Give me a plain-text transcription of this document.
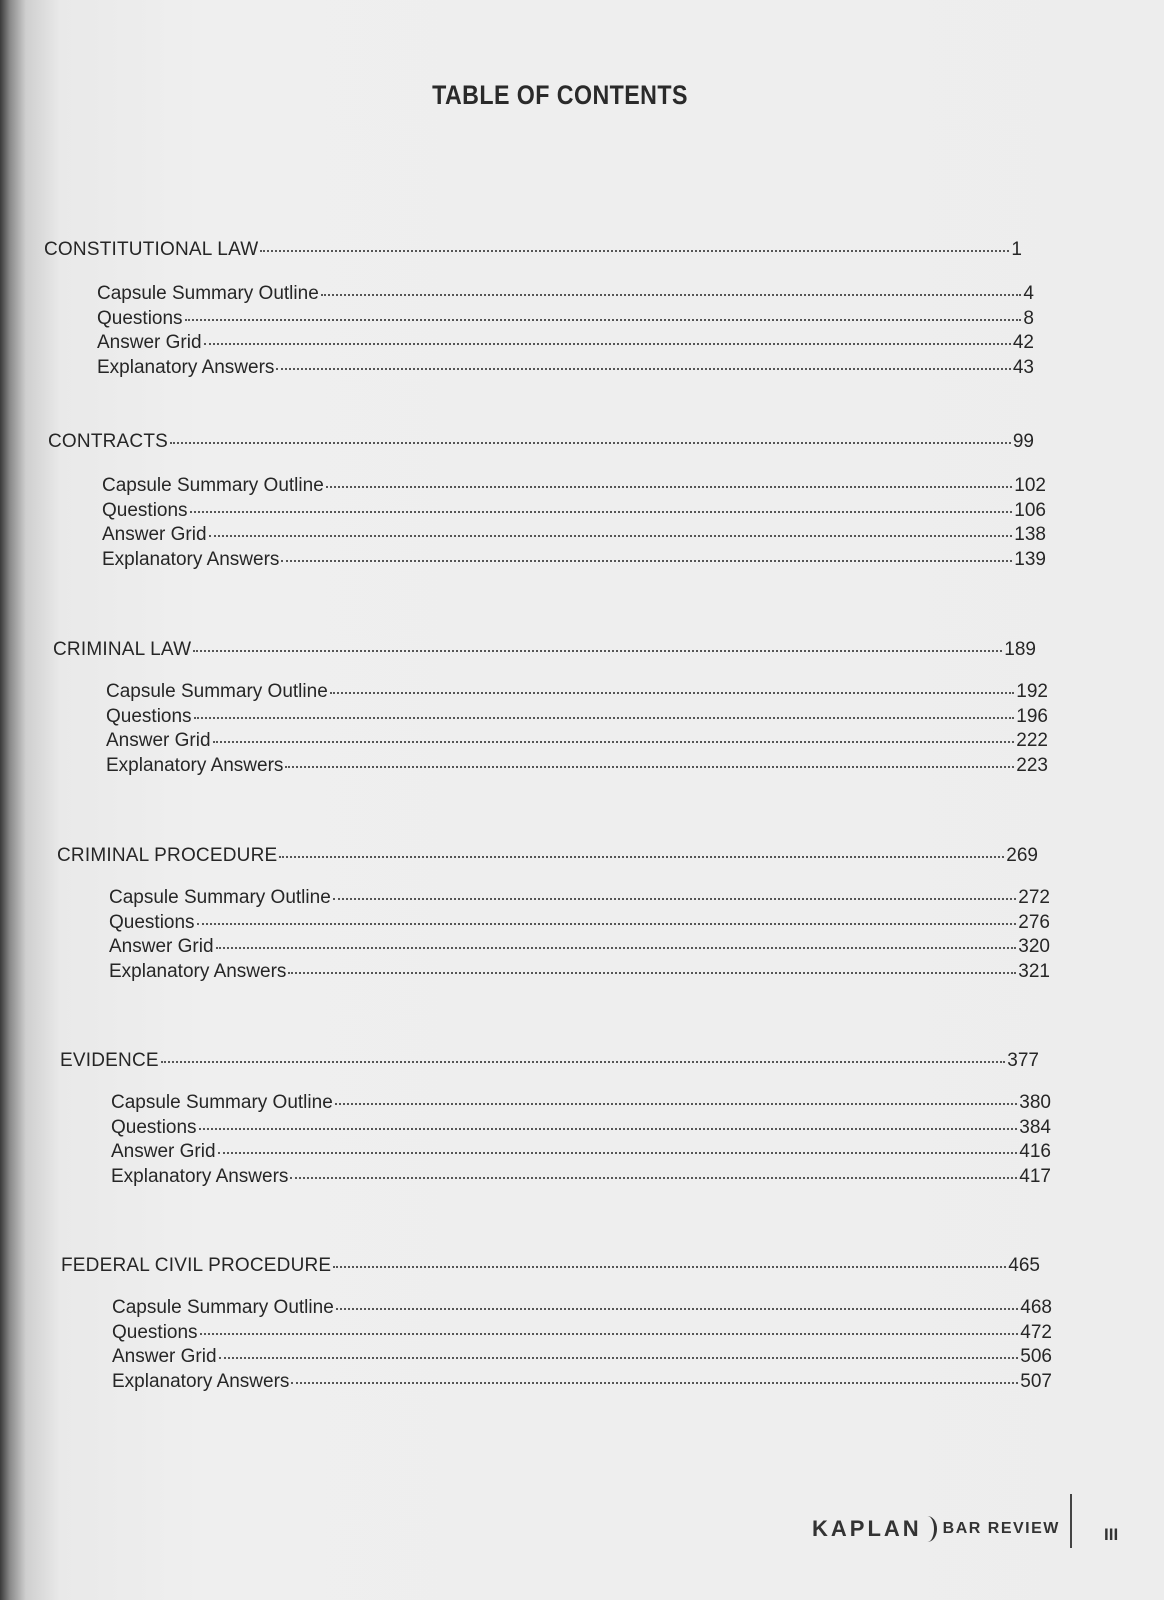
TABLE OF CONTENTS
CONSTITUTIONAL LAW	1
Capsule Summary Outline	4
Questions	8
Answer Grid	42
Explanatory Answers	43
CONTRACTS	99
Capsule Summary Outline	102
Questions	106
Answer Grid	138
Explanatory Answers	139
CRIMINAL LAW	189
Capsule Summary Outline	192
Questions	196
Answer Grid	222
Explanatory Answers	223
CRIMINAL PROCEDURE	269
Capsule Summary Outline	272
Questions	276
Answer Grid	320
Explanatory Answers	321
EVIDENCE	377
Capsule Summary Outline	380
Questions	384
Answer Grid	416
Explanatory Answers	417
FEDERAL CIVIL PROCEDURE	465
Capsule Summary Outline	468
Questions	472
Answer Grid	506
Explanatory Answers	507
KAPLAN BAR REVIEW	III
